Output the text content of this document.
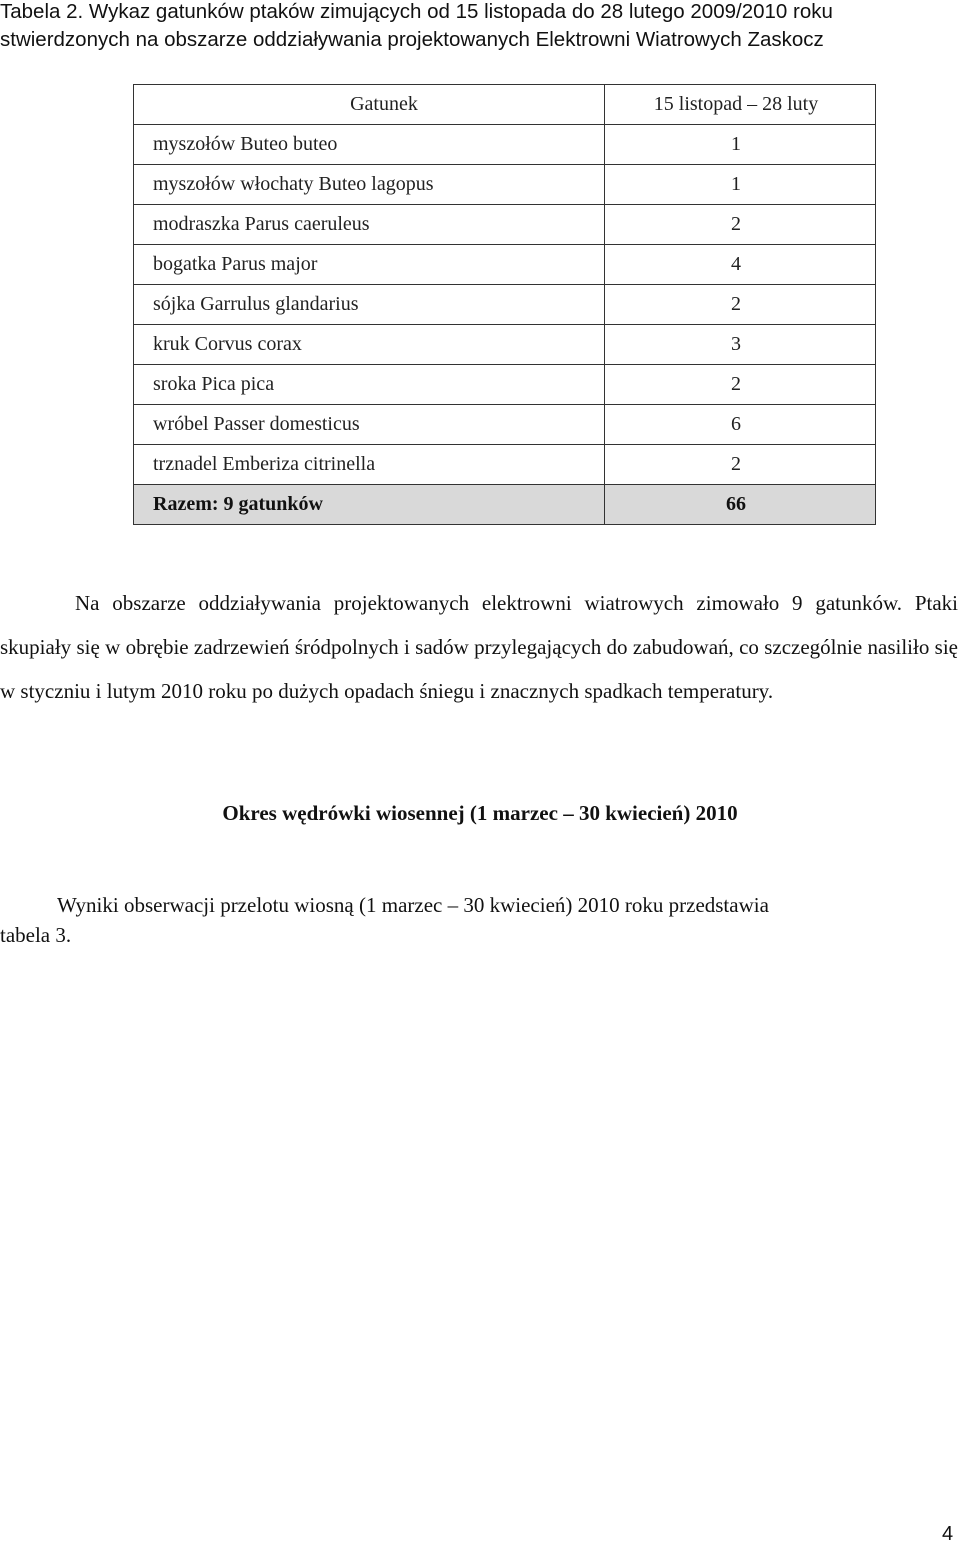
Tabela 2. Wykaz gatunków ptaków zimujących od 15 listopada do 28 lutego 2009/2010 roku
stwierdzonych na obszarze oddziaływania projektowanych Elektrowni Wiatrowych Zaskocz
Gatunek	15 listopad – 28 luty
myszołów Buteo buteo	1
myszołów włochaty Buteo lagopus	1
modraszka Parus caeruleus	2
bogatka Parus major	4
sójka Garrulus glandarius	2
kruk Corvus corax	3
sroka Pica pica	2
wróbel Passer domesticus	6
trznadel Emberiza citrinella	2
Razem: 9 gatunków	66
Na obszarze oddziaływania projektowanych elektrowni wiatrowych zimowało 9 gatunków. Ptaki skupiały się w obrębie zadrzewień śródpolnych i sadów przylegających do zabudowań, co szczególnie nasiliło się w styczniu i lutym 2010 roku po dużych opadach śniegu i znacznych spadkach temperatury.
Okres wędrówki wiosennej (1 marzec – 30 kwiecień) 2010
Wyniki obserwacji przelotu wiosną (1 marzec – 30 kwiecień) 2010 roku przedstawia
tabela 3.
4
